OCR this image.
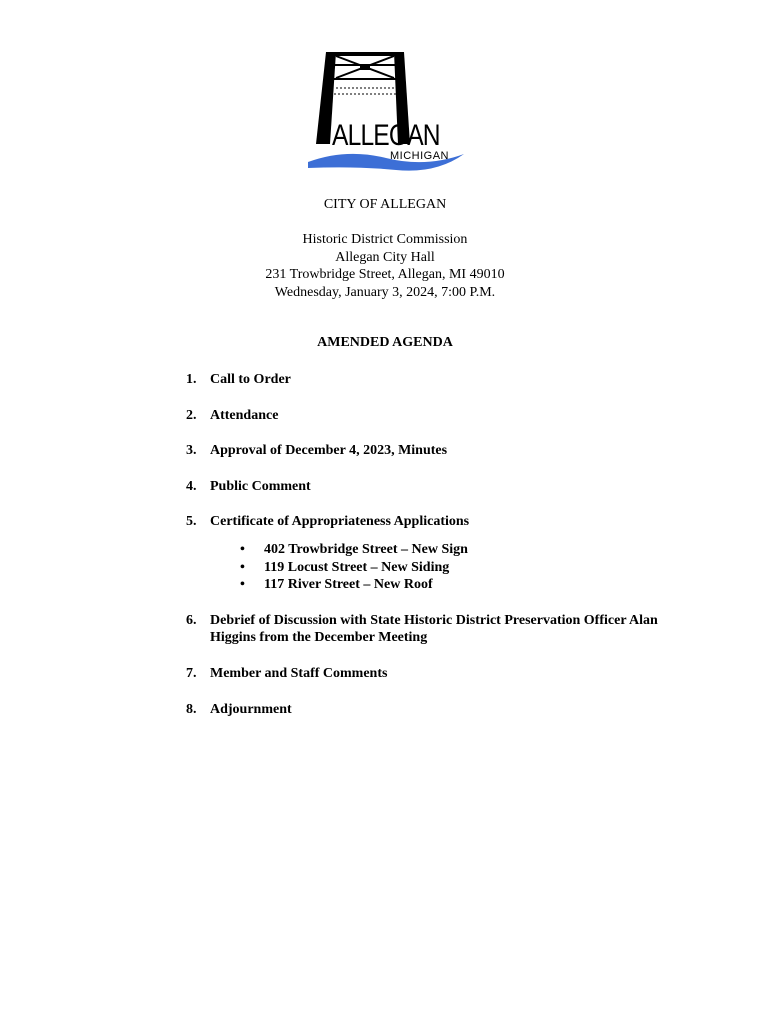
ALLEGAN
MICHIGAN
CITY OF ALLEGAN
Historic District Commission
Allegan City Hall
231 Trowbridge Street, Allegan, MI 49010
Wednesday, January 3, 2024, 7:00 P.M.
AMENDED AGENDA
1. Call to Order
2. Attendance
3. Approval of December 4, 2023, Minutes
4. Public Comment
5. Certificate of Appropriateness Applications
•	402 Trowbridge Street – New Sign
•	119 Locust Street – New Siding
•	117 River Street – New Roof
6. Debrief of Discussion with State Historic District Preservation Officer Alan Higgins from the December Meeting
7. Member and Staff Comments
8. Adjournment
